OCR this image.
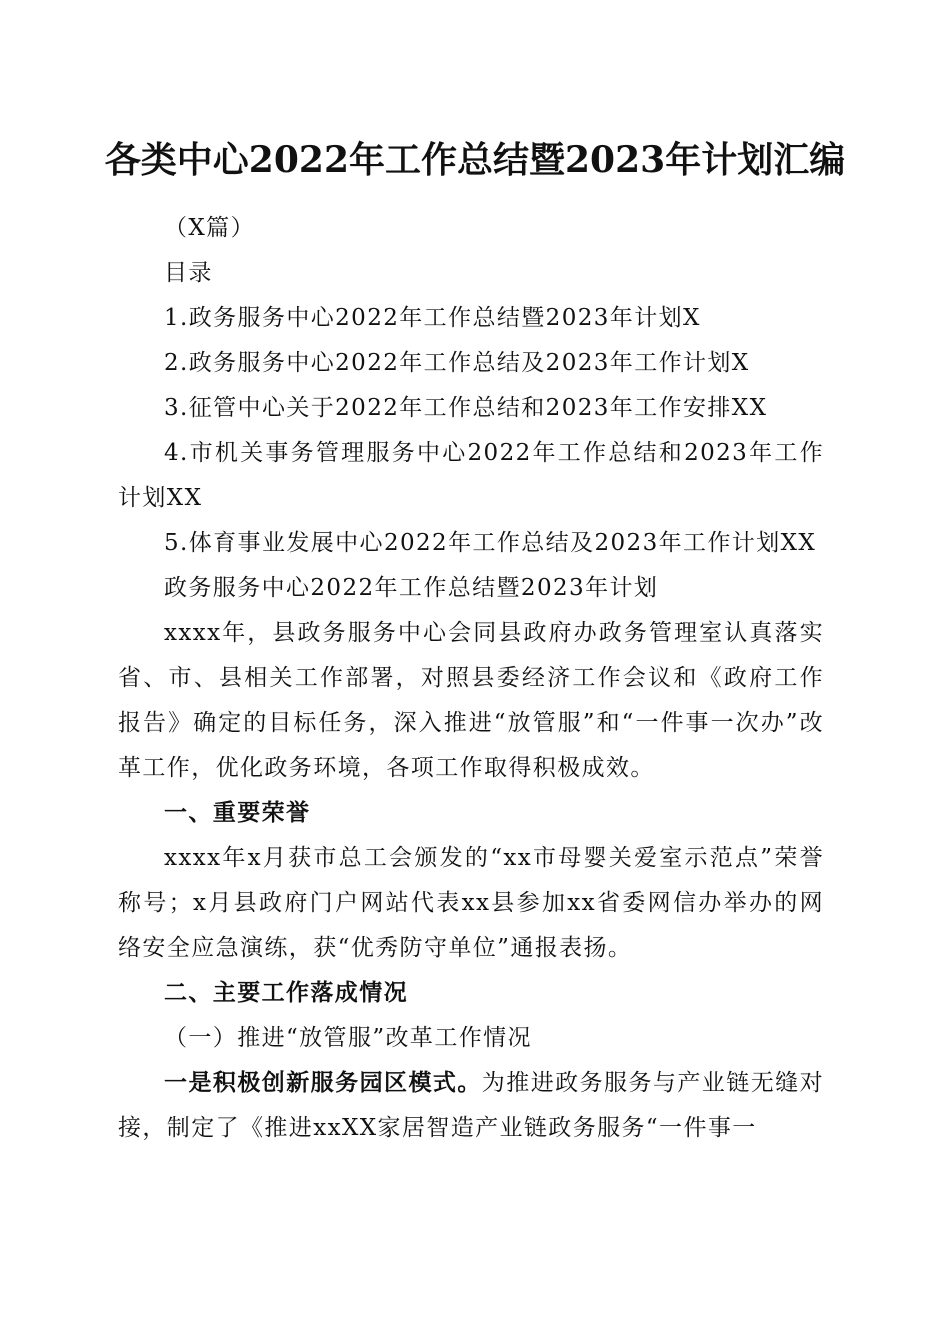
各类中心2022年工作总结暨2023年计划汇编

（X篇）

目录

1.政务服务中心2022年工作总结暨2023年计划X

2.政务服务中心2022年工作总结及2023年工作计划X

3.征管中心关于2022年工作总结和2023年工作安排XX

4.市机关事务管理服务中心2022年工作总结和2023年工作计划XX

5.体育事业发展中心2022年工作总结及2023年工作计划XX

政务服务中心2022年工作总结暨2023年计划

xxxx年，县政务服务中心会同县政府办政务管理室认真落实省、市、县相关工作部署，对照县委经济工作会议和《政府工作报告》确定的目标任务，深入推进“放管服”和“一件事一次办”改革工作，优化政务环境，各项工作取得积极成效。

一、重要荣誉

xxxx年x月获市总工会颁发的“xx市母婴关爱室示范点”荣誉称号；x月县政府门户网站代表xx县参加xx省委网信办举办的网络安全应急演练，获“优秀防守单位”通报表扬。

二、主要工作落成情况

（一）推进“放管服”改革工作情况

一是积极创新服务园区模式。为推进政务服务与产业链无缝对接，制定了《推进xxXX家居智造产业链政务服务“一件事一
